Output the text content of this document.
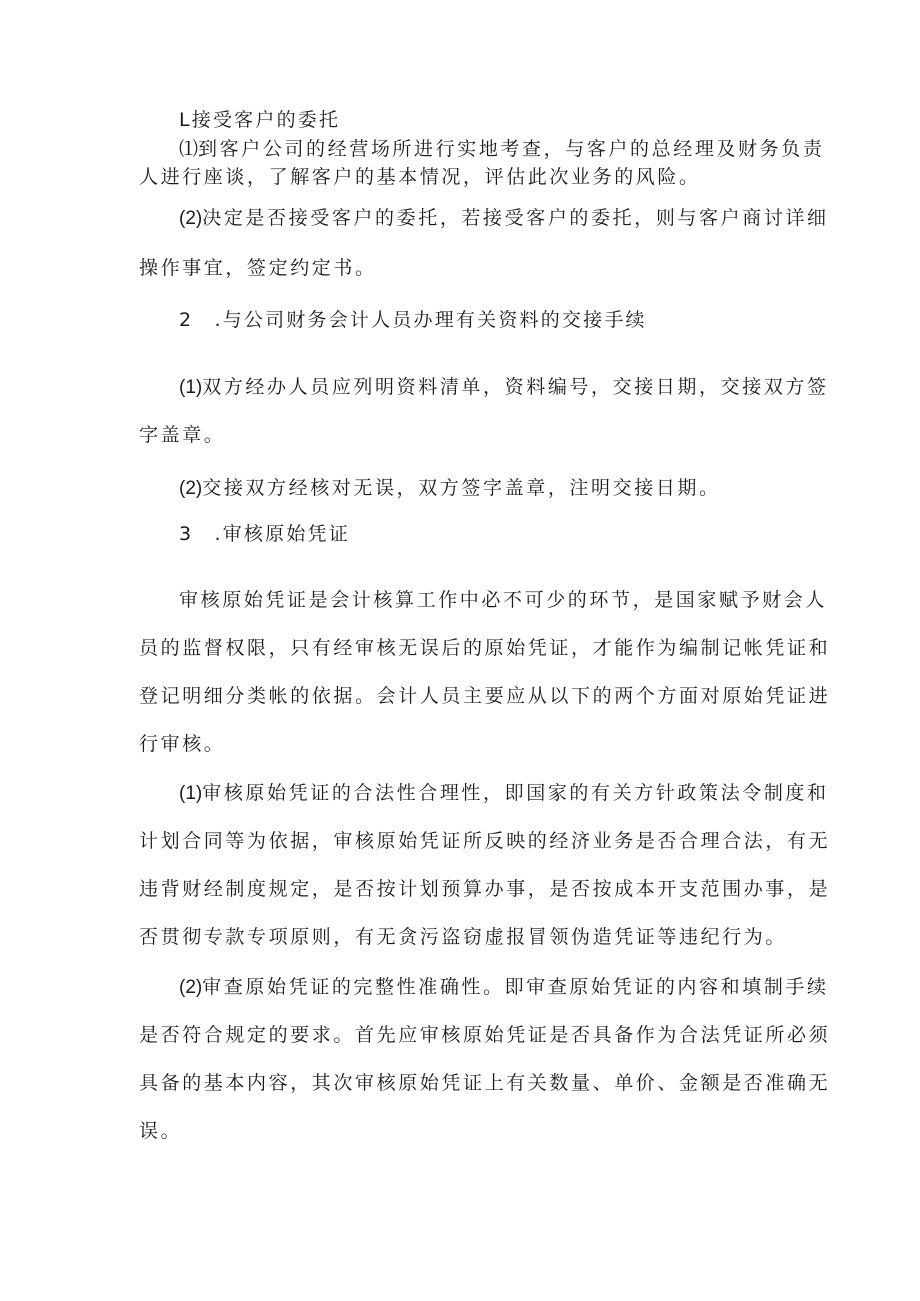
L接受客户的委托
⑴到客户公司的经营场所进行实地考查，与客户的总经理及财务负责
人进行座谈，了解客户的基本情况，评估此次业务的风险。
(2)决定是否接受客户的委托，若接受客户的委托，则与客户商讨详细
操作事宜，签定约定书。
2　.与公司财务会计人员办理有关资料的交接手续
(1)双方经办人员应列明资料清单，资料编号，交接日期，交接双方签
字盖章。
(2)交接双方经核对无误，双方签字盖章，注明交接日期。
3　.审核原始凭证
审核原始凭证是会计核算工作中必不可少的环节，是国家赋予财会人
员的监督权限，只有经审核无误后的原始凭证，才能作为编制记帐凭证和
登记明细分类帐的依据。会计人员主要应从以下的两个方面对原始凭证进
行审核。
(1)审核原始凭证的合法性合理性，即国家的有关方针政策法令制度和
计划合同等为依据，审核原始凭证所反映的经济业务是否合理合法，有无
违背财经制度规定，是否按计划预算办事，是否按成本开支范围办事，是
否贯彻专款专项原则，有无贪污盗窃虚报冒领伪造凭证等违纪行为。
(2)审查原始凭证的完整性准确性。即审查原始凭证的内容和填制手续
是否符合规定的要求。首先应审核原始凭证是否具备作为合法凭证所必须
具备的基本内容，其次审核原始凭证上有关数量、单价、金额是否准确无
误。
